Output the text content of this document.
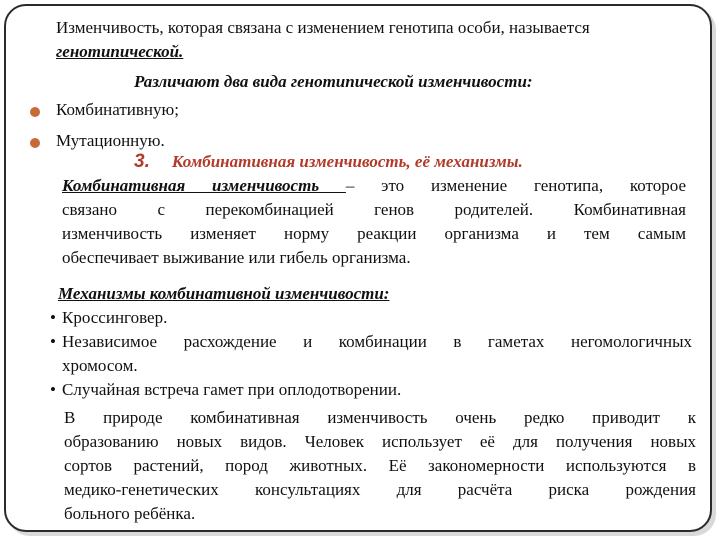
Изменчивость, которая связана с изменением генотипа особи, называется
генотипической.
Различают два вида генотипической изменчивости:
Комбинативную;
Мутационную.
3. Комбинативная изменчивость, её механизмы.
Комбинативная изменчивость – это изменение генотипа, которое
связано с перекомбинацией генов родителей. Комбинативная
изменчивость изменяет норму реакции организма и тем самым
обеспечивает выживание или гибель организма.
Механизмы комбинативной изменчивости:
• Кроссинговер.
• Независимое расхождение и комбинации в гаметах негомологичных
хромосом.
• Случайная встреча гамет при оплодотворении.
В природе комбинативная изменчивость очень редко приводит к
образованию новых видов. Человек использует её для получения новых
сортов растений, пород животных. Её закономерности используются в
медико-генетических консультациях для расчёта риска рождения
больного ребёнка.
